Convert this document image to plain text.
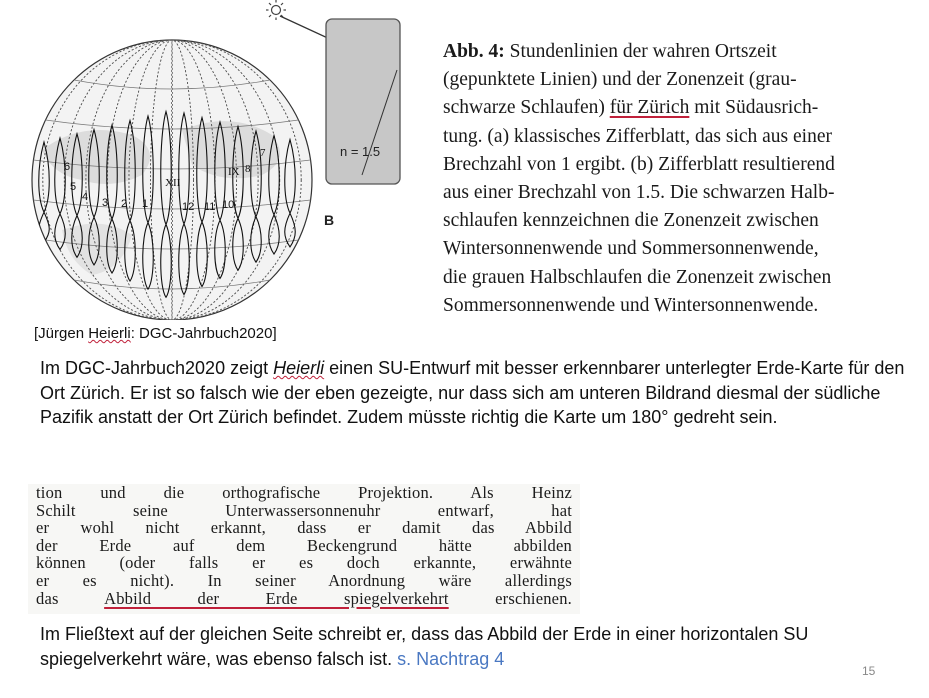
n = 1.5
B
XII
IX 8
7
1
2
3	12 11 10
4
5
6
Abb. 4: Stundenlinien der wahren Ortszeit
(gepunktete Linien) und der Zonenzeit (grau-
schwarze Schlaufen) für Zürich mit Südausrich-
tung. (a) klassisches Zifferblatt, das sich aus einer
Brechzahl von 1 ergibt. (b) Zifferblatt resultierend
aus einer Brechzahl von 1.5. Die schwarzen Halb-
schlaufen kennzeichnen die Zonenzeit zwischen
Wintersonnenwende und Sommersonnenwende,
die grauen Halbschlaufen die Zonenzeit zwischen
Sommersonnenwende und Wintersonnenwende.
[Jürgen Heierli: DGC-Jahrbuch2020]
Im DGC-Jahrbuch2020 zeigt Heierli einen SU-Entwurf mit besser erkennbarer unterlegter Erde-Karte für den Ort Zürich. Er ist so falsch wie der eben gezeigte, nur dass sich am unteren Bildrand diesmal der südliche Pazifik anstatt der Ort Zürich befindet. Zudem müsste richtig die Karte um 180° gedreht sein.
tion und die orthografische Projektion. Als Heinz
Schilt seine Unterwassersonnenuhr entwarf, hat
er wohl nicht erkannt, dass er damit das Abbild
der Erde auf dem Beckengrund hätte abbilden
können (oder falls er es doch erkannte, erwähnte
er es nicht). In seiner Anordnung wäre allerdings
das Abbild der Erde spiegelverkehrt erschienen.
Im Fließtext auf der gleichen Seite schreibt er, dass das Abbild der Erde in einer horizontalen SU spiegelverkehrt wäre, was ebenso falsch ist. s. Nachtrag 4
15
